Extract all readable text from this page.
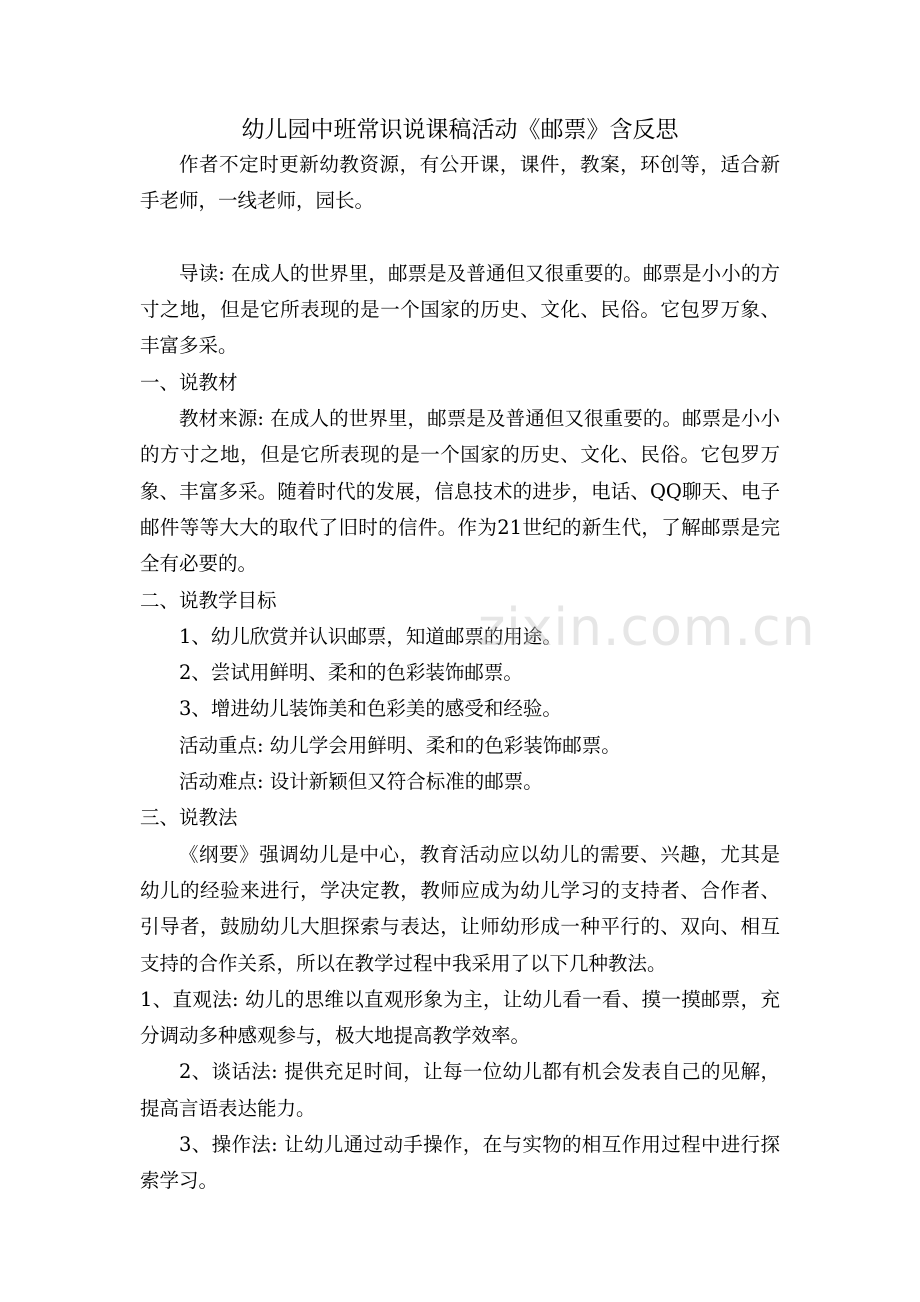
幼儿园中班常识说课稿活动《邮票》含反思

作者不定时更新幼教资源，有公开课，课件，教案，环创等，适合新手老师，一线老师，园长。

导读: 在成人的世界里，邮票是及普通但又很重要的。邮票是小小的方寸之地，但是它所表现的是一个国家的历史、文化、民俗。它包罗万象、丰富多采。

一、说教材

教材来源: 在成人的世界里，邮票是及普通但又很重要的。邮票是小小的方寸之地，但是它所表现的是一个国家的历史、文化、民俗。它包罗万象、丰富多采。随着时代的发展，信息技术的进步，电话、QQ聊天、电子邮件等等大大的取代了旧时的信件。作为21世纪的新生代，了解邮票是完全有必要的。

二、说教学目标

1、幼儿欣赏并认识邮票，知道邮票的用途。

2、尝试用鲜明、柔和的色彩装饰邮票。

3、增进幼儿装饰美和色彩美的感受和经验。

活动重点: 幼儿学会用鲜明、柔和的色彩装饰邮票。

活动难点: 设计新颖但又符合标准的邮票。

三、说教法

《纲要》强调幼儿是中心，教育活动应以幼儿的需要、兴趣，尤其是幼儿的经验来进行，学决定教，教师应成为幼儿学习的支持者、合作者、引导者，鼓励幼儿大胆探索与表达，让师幼形成一种平行的、双向、相互支持的合作关系，所以在教学过程中我采用了以下几种教法。

1、直观法: 幼儿的思维以直观形象为主，让幼儿看一看、摸一摸邮票，充分调动多种感观参与，极大地提高教学效率。

2、谈话法: 提供充足时间，让每一位幼儿都有机会发表自己的见解，提高言语表达能力。

3、操作法: 让幼儿通过动手操作，在与实物的相互作用过程中进行探索学习。

zixin.com.cn
